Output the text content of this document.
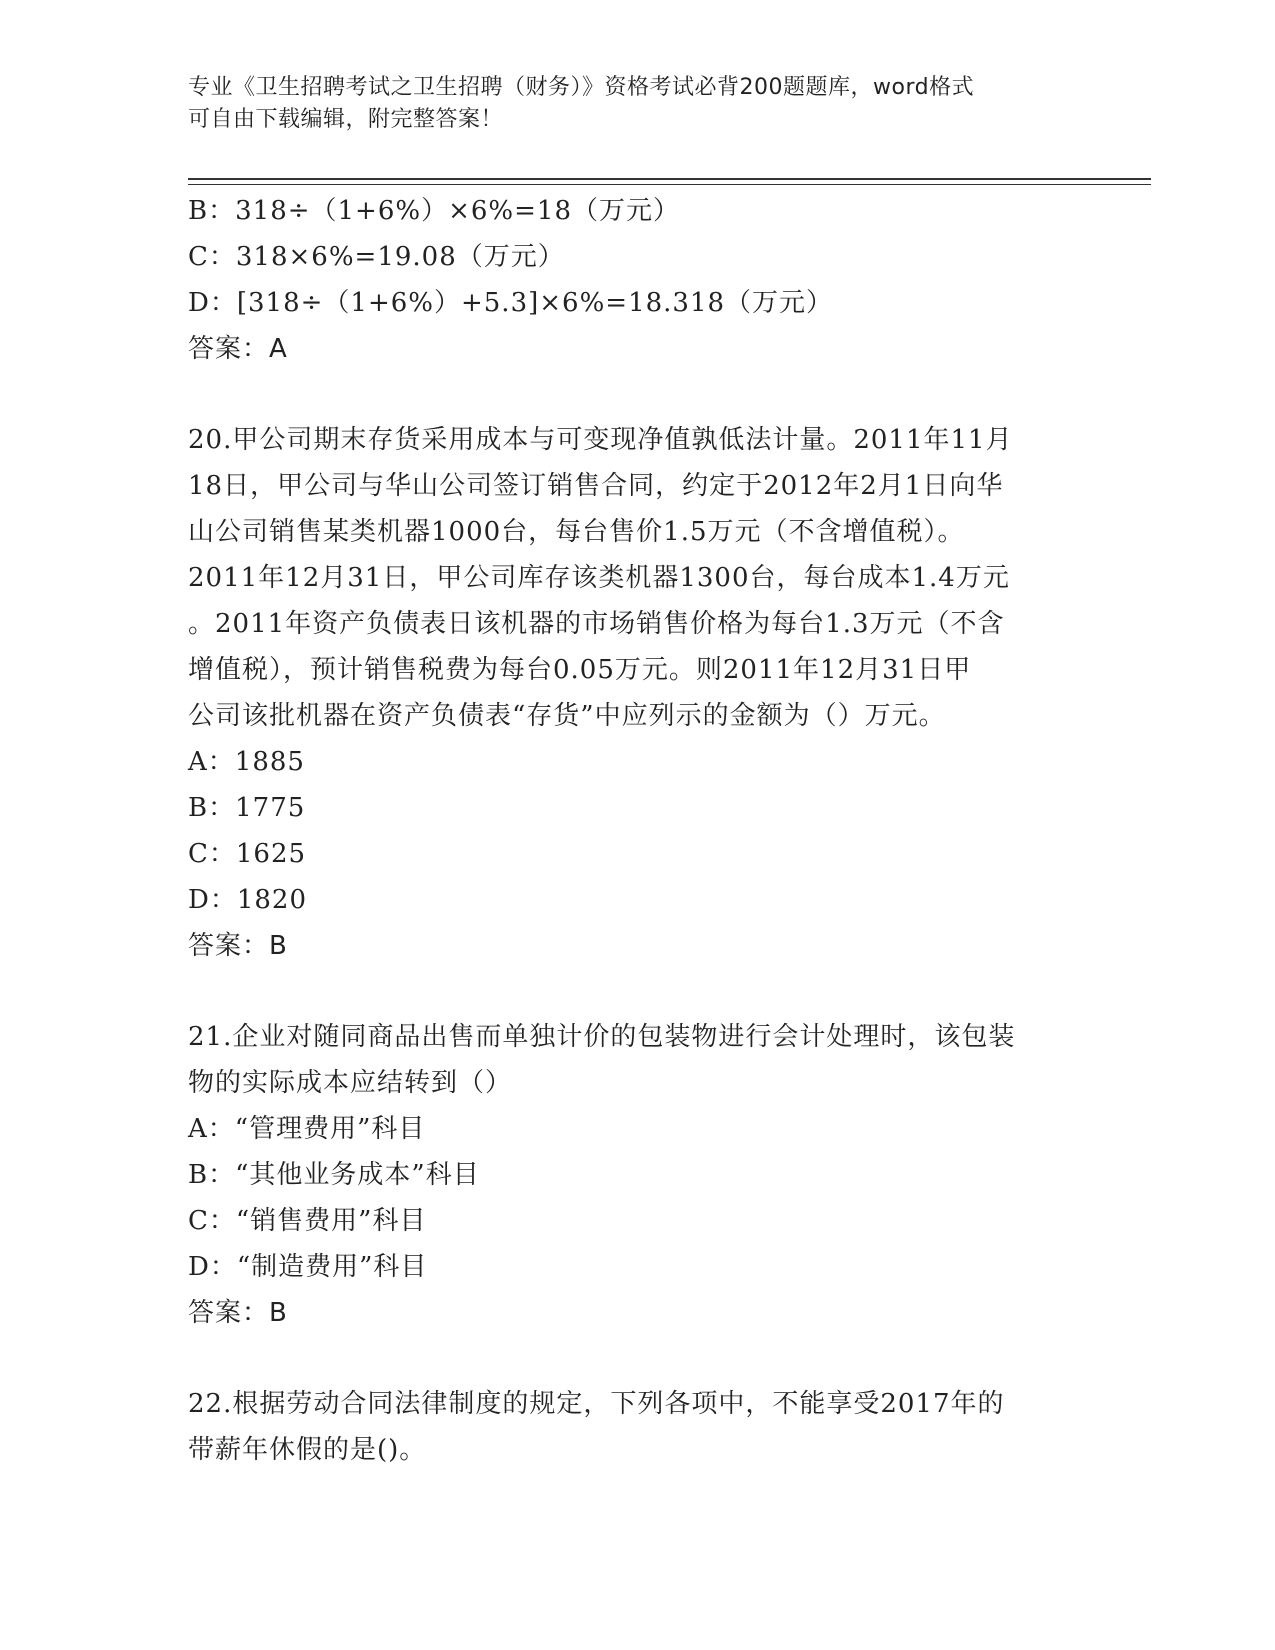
专业《卫生招聘考试之卫生招聘（财务）》资格考试必背200题题库，word格式
可自由下载编辑，附完整答案！
B：318÷（1+6%）×6%=18（万元）
C：318×6%=19.08（万元）
D：[318÷（1+6%）+5.3]×6%=18.318（万元）
答案：A
20.甲公司期末存货采用成本与可变现净值孰低法计量。2011年11月
18日，甲公司与华山公司签订销售合同，约定于2012年2月1日向华
山公司销售某类机器1000台，每台售价1.5万元（不含增值税）。
2011年12月31日，甲公司库存该类机器1300台，每台成本1.4万元
。2011年资产负债表日该机器的市场销售价格为每台1.3万元（不含
增值税），预计销售税费为每台0.05万元。则2011年12月31日甲
公司该批机器在资产负债表“存货”中应列示的金额为（）万元。
A：1885
B：1775
C：1625
D：1820
答案：B
21.企业对随同商品出售而单独计价的包装物进行会计处理时，该包装
物的实际成本应结转到（）
A：“管理费用”科目
B：“其他业务成本”科目
C：“销售费用”科目
D：“制造费用”科目
答案：B
22.根据劳动合同法律制度的规定，下列各项中，不能享受2017年的
带薪年休假的是()。
